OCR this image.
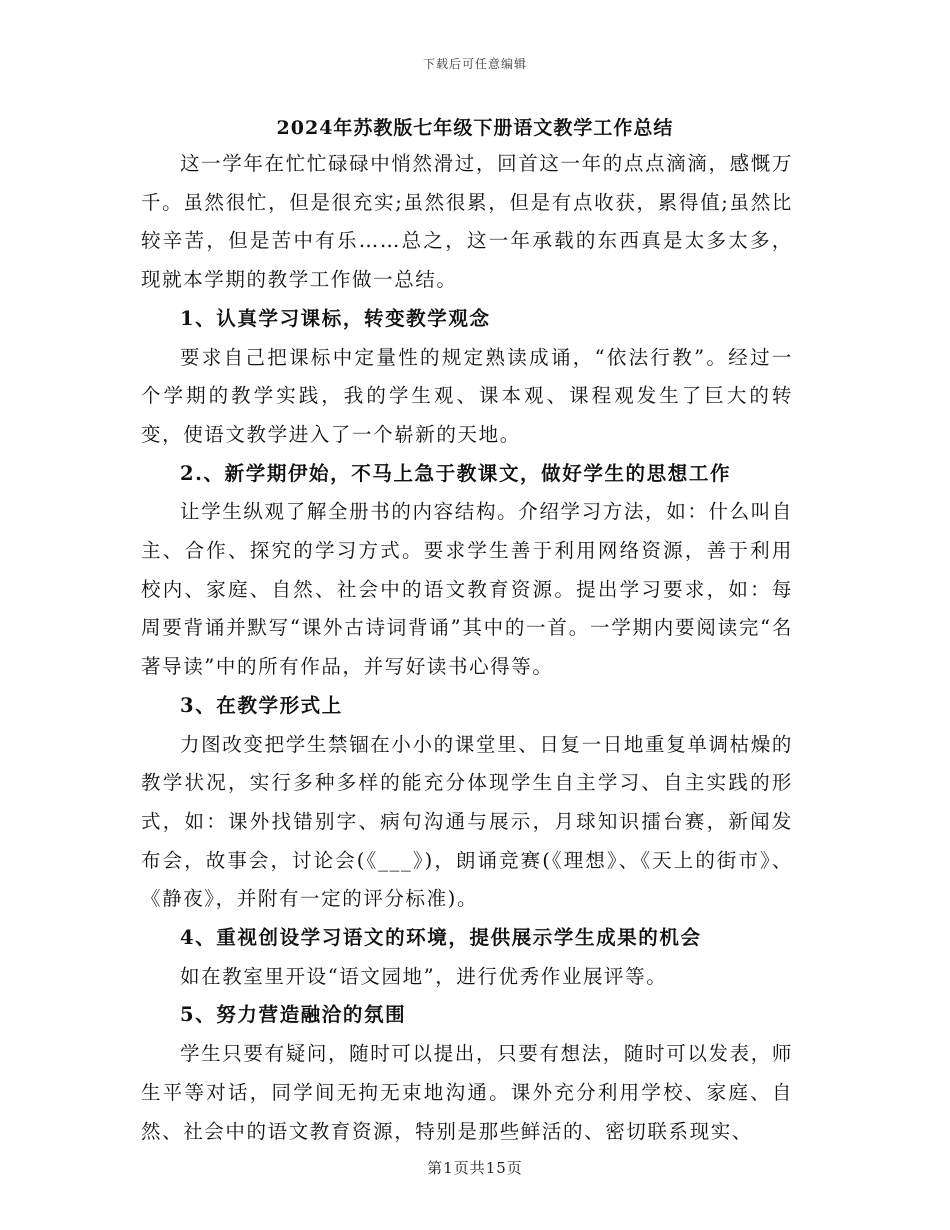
下载后可任意编辑
2024年苏教版七年级下册语文教学工作总结

这一学年在忙忙碌碌中悄然滑过，回首这一年的点点滴滴，感慨万千。虽然很忙，但是很充实;虽然很累，但是有点收获，累得值;虽然比较辛苦，但是苦中有乐……总之，这一年承载的东西真是太多太多，现就本学期的教学工作做一总结。

1、认真学习课标，转变教学观念

要求自己把课标中定量性的规定熟读成诵，“依法行教”。经过一个学期的教学实践，我的学生观、课本观、课程观发生了巨大的转变，使语文教学进入了一个崭新的天地。

2.、新学期伊始，不马上急于教课文，做好学生的思想工作

让学生纵观了解全册书的内容结构。介绍学习方法，如：什么叫自主、合作、探究的学习方式。要求学生善于利用网络资源，善于利用校内、家庭、自然、社会中的语文教育资源。提出学习要求，如：每周要背诵并默写“课外古诗词背诵”其中的一首。一学期内要阅读完“名著导读”中的所有作品，并写好读书心得等。

3、在教学形式上

力图改变把学生禁锢在小小的课堂里、日复一日地重复单调枯燥的教学状况，实行多种多样的能充分体现学生自主学习、自主实践的形式，如：课外找错别字、病句沟通与展示，月球知识擂台赛，新闻发布会，故事会，讨论会(《___》)，朗诵竞赛(《理想》、《天上的街市》、《静夜》，并附有一定的评分标准)。

4、重视创设学习语文的环境，提供展示学生成果的机会

如在教室里开设“语文园地”，进行优秀作业展评等。

5、努力营造融洽的氛围

学生只要有疑问，随时可以提出，只要有想法，随时可以发表，师生平等对话，同学间无拘无束地沟通。课外充分利用学校、家庭、自然、社会中的语文教育资源，特别是那些鲜活的、密切联系现实、

第1页共15页
